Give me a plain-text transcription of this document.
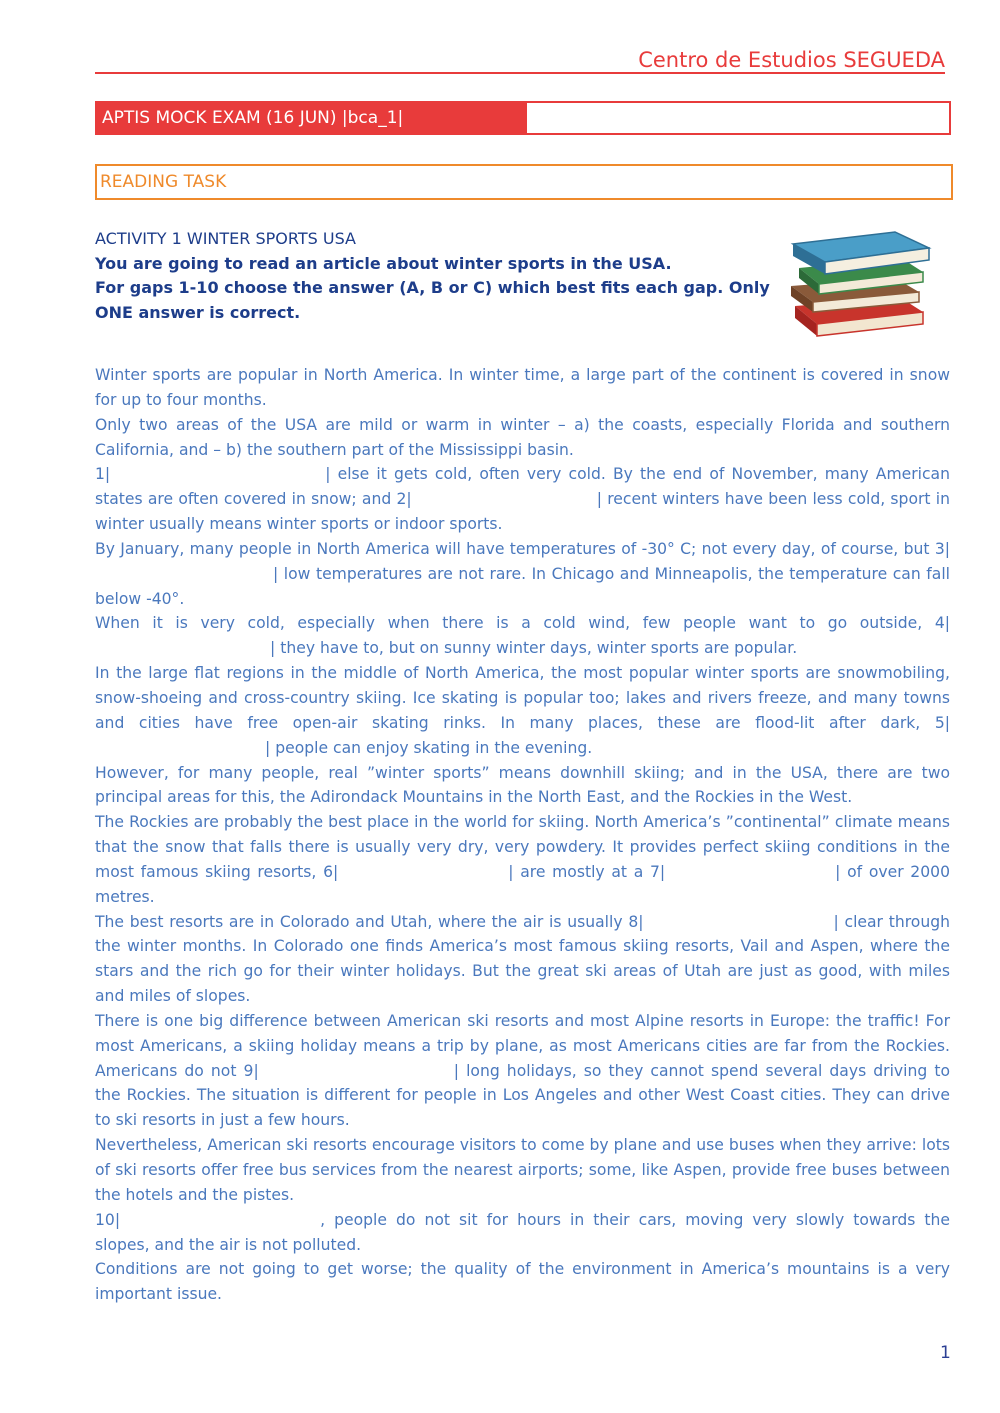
Centro de Estudios SEGUEDA
APTIS MOCK EXAM (16 JUN) |bca_1|
READING TASK
ACTIVITY 1 WINTER SPORTS USA
You are going to read an article about winter sports in the USA.
For gaps 1-10 choose the answer (A, B or C) which best fits each gap. Only
ONE answer is correct.

Winter sports are popular in North America. In winter time, a large part of the continent is covered in snow for up to four months.

Only two areas of the USA are mild or warm in winter – a) the coasts, especially Florida and southern California, and – b) the southern part of the Mississippi basin.

1|	| else it gets cold, often very cold. By the end of November, many American states are often covered in snow; and 2|	| recent winters have been less cold, sport in winter usually means winter sports or indoor sports.

By January, many people in North America will have temperatures of -30° C; not every day, of course, but 3|| low temperatures are not rare. In Chicago and Minneapolis, the temperature can fall below -40°.

When it is very cold, especially when there is a cold wind, few people want to go outside, 4|| they have to, but on sunny winter days, winter sports are popular.

In the large flat regions in the middle of North America, the most popular winter sports are snowmobiling, snow-shoeing and cross-country skiing. Ice skating is popular too; lakes and rivers freeze, and many towns and cities have free open-air skating rinks. In many places, these are flood-lit after dark, 5|| people can enjoy skating in the evening.

However, for many people, real ”winter sports” means downhill skiing; and in the USA, there are two principal areas for this, the Adirondack Mountains in the North East, and the Rockies in the West.

The Rockies are probably the best place in the world for skiing. North America’s ”continental” climate means that the snow that falls there is usually very dry, very powdery. It provides perfect skiing conditions in the most famous skiing resorts, 6|	| are mostly at a 7|	| of over 2000 metres.

The best resorts are in Colorado and Utah, where the air is usually 8|	| clear through the winter months. In Colorado one finds America’s most famous skiing resorts, Vail and Aspen, where the stars and the rich go for their winter holidays. But the great ski areas of Utah are just as good, with miles and miles of slopes.

There is one big difference between American ski resorts and most Alpine resorts in Europe: the traffic! For most Americans, a skiing holiday means a trip by plane, as most Americans cities are far from the Rockies. Americans do not 9|	| long holidays, so they cannot spend several days driving to the Rockies. The situation is different for people in Los Angeles and other West Coast cities. They can drive to ski resorts in just a few hours.

Nevertheless, American ski resorts encourage visitors to come by plane and use buses when they arrive: lots of ski resorts offer free bus services from the nearest airports; some, like Aspen, provide free buses between the hotels and the pistes.

10|	, people do not sit for hours in their cars, moving very slowly towards the slopes, and the air is not polluted.

Conditions are not going to get worse; the quality of the environment in America’s mountains is a very important issue.

1
